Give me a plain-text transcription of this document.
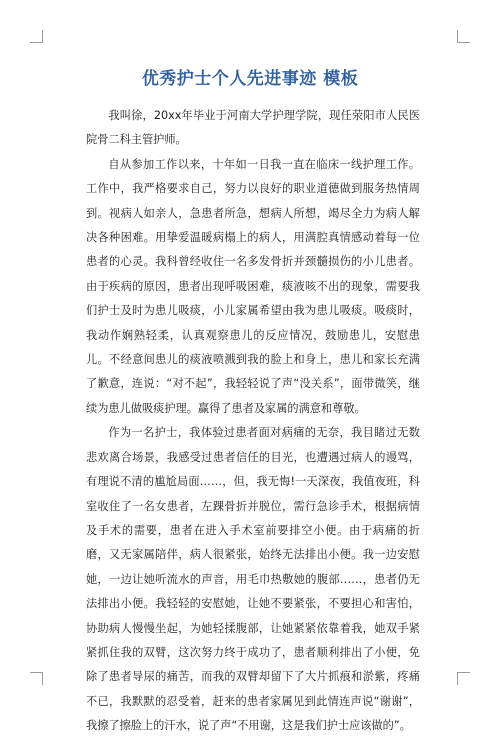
优秀护士个人先进事迹 模板

我叫徐，20xx年毕业于河南大学护理学院，现任荥阳市人民医院骨二科主管护师。

自从参加工作以来，十年如一日我一直在临床一线护理工作。工作中，我严格要求自己，努力以良好的职业道德做到服务热情周到。视病人如亲人，急患者所急，想病人所想，竭尽全力为病人解决各种困难。用挚爱温暖病榻上的病人，用满腔真情感动着每一位患者的心灵。我科曾经收住一名多发骨折并颈髓损伤的小儿患者。由于疾病的原因，患者出现呼吸困难，痰液咳不出的现象，需要我们护士及时为患儿吸痰，小儿家属希望由我为患儿吸痰。吸痰时，我动作娴熟轻柔，认真观察患儿的反应情况，鼓励患儿，安慰患儿。不经意间患儿的痰液喷溅到我的脸上和身上，患儿和家长充满了歉意，连说：“对不起”，我轻轻说了声“没关系”，面带微笑，继续为患儿做吸痰护理。赢得了患者及家属的满意和尊敬。

作为一名护士，我体验过患者面对病痛的无奈，我目睹过无数悲欢离合场景，我感受过患者信任的目光，也遭遇过病人的谩骂，有理说不清的尴尬局面……，但，我无悔!一天深夜，我值夜班，科室收住了一名女患者，左踝骨折并脱位，需行急诊手术，根据病情及手术的需要，患者在进入手术室前要排空小便。由于病痛的折磨，又无家属陪伴，病人很紧张，始终无法排出小便。我一边安慰她，一边让她听流水的声音，用毛巾热敷她的腹部……，患者仍无法排出小便。我轻轻的安慰她，让她不要紧张，不要担心和害怕，协助病人慢慢坐起，为她轻揉腹部，让她紧紧依靠着我，她双手紧紧抓住我的双臂，这次努力终于成功了，患者顺利排出了小便，免除了患者导尿的痛苦，而我的双臂却留下了大片抓痕和淤紫，疼痛不已，我默默的忍受着，赶来的患者家属见到此情连声说“谢谢”，我擦了擦脸上的汗水，说了声“不用谢，这是我们护士应该做的”。
